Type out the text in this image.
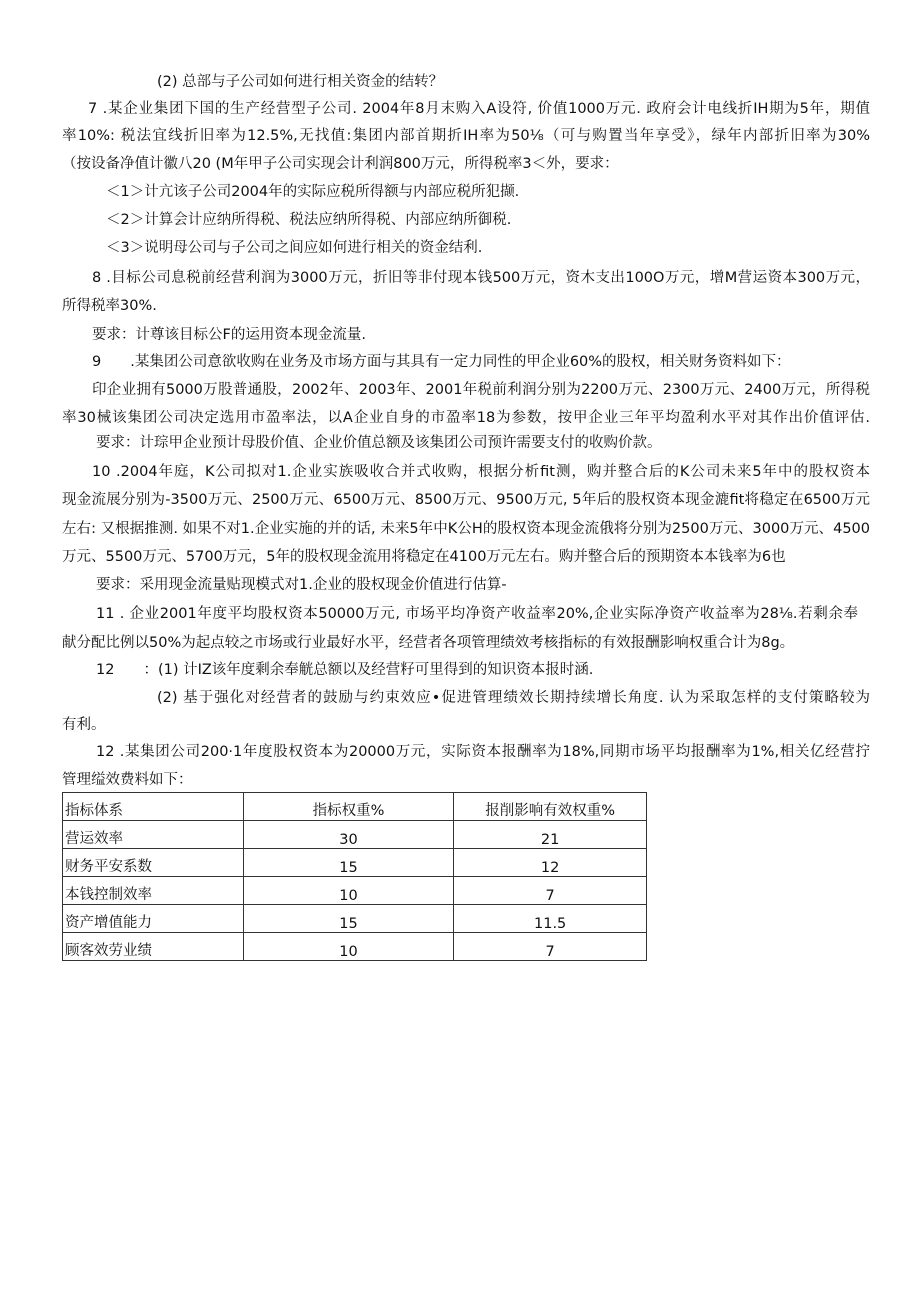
(2) 总部与子公司如何进行相关资金的结转？
7 .某企业集团下国的生产经营型子公司. 2004年8月末购入A设符, 价值1000万元. 政府会计电线折IH期为5年，期值
率10%: 税法宜线折旧率为12.5%,无找值:集团内部首期折IH率为50⅛（可与购置当年享受》，绿年内部折旧率为30%
（按设备净值计徽八20 (M年甲子公司实现会计利润800万元，所得税率3＜外，要求：
＜1＞计亢该子公司2004年的实际应税所得额与内部应税所犯撷.
＜2＞计算会计应纳所得税、税法应纳所得税、内部应纳所御税.
＜3＞说明母公司与子公司之间应如何进行相关的资金结利.
8 .目标公司息税前经营利润为3000万元，折旧等非付现本钱500万元，资木支出100O万元，增M营运资本300万元，
所得税率30%.
要求：计尊该目标公F的运用资本现金流量.
9　　.某集团公司意欲收购在业务及市场方面与其具有一定力同性的甲企业60%的股权，相关财务资料如下：
印企业拥有5000万股普通股，2002年、2003年、2001年税前利润分别为2200万元、2300万元、2400万元，所得税
率30械该集团公司决定选用市盈率法，以A企业自身的市盈率18为参数，按甲企业三年平均盈利水平对其作出价值评估.
要求：计琮甲企业预计母股价值、企业价值总额及该集团公司预许需要支付的收购价款。
10 .2004年庭，K公司拟对1.企业实族吸收合并式收购，根据分析fit测，购并整合后的K公司未来5年中的股权资本
现金流展分别为-3500万元、2500万元、6500万元、8500万元、9500万元, 5年后的股权资本现金漉fit将稳定在6500万元
左右: 又根据推测. 如果不对1.企业实施的并的话, 未来5年中K公H的股权资本现金流俄将分别为2500万元、3000万元、4500
万元、5500万元、5700万元，5年的股权现金流用将稳定在4100万元左右。购并整合后的预期资本本钱率为6也
要求：采用现金流量贴现模式对1.企业的股权现金价值进行估算-
11 . 企业2001年度平均股权资本50000万元, 市场平均净资产收益率20%,企业实际净资产收益率为28⅛.若剩余奉
献分配比例以50%为起点较之市场或行业最好水平，经营者各项管理绩效考核指标的有效报酬影响权重合计为8g。
12　　：(1) 计IZ该年度剩余奉觥总额以及经营籽可里得到的知识资本报时涵.
(2) 基于强化对经营者的鼓励与约束效应•促进管理绩效长期持续增长角度. 认为采取怎样的支付策略较为
有利。
12 .某集团公司200·1年度股权资本为20000万元，实际资本报酬率为18%,同期市场平均报酬率为1%,相关亿经营拧
管理缢效费料如下：
指标体系	指标权重%	报削影响有效权重%
营运效率	30	21
财务平安系数	15	12
本钱控制效率	10	7
资产增值能力	15	11.5
顾客效劳业绩	10	7
